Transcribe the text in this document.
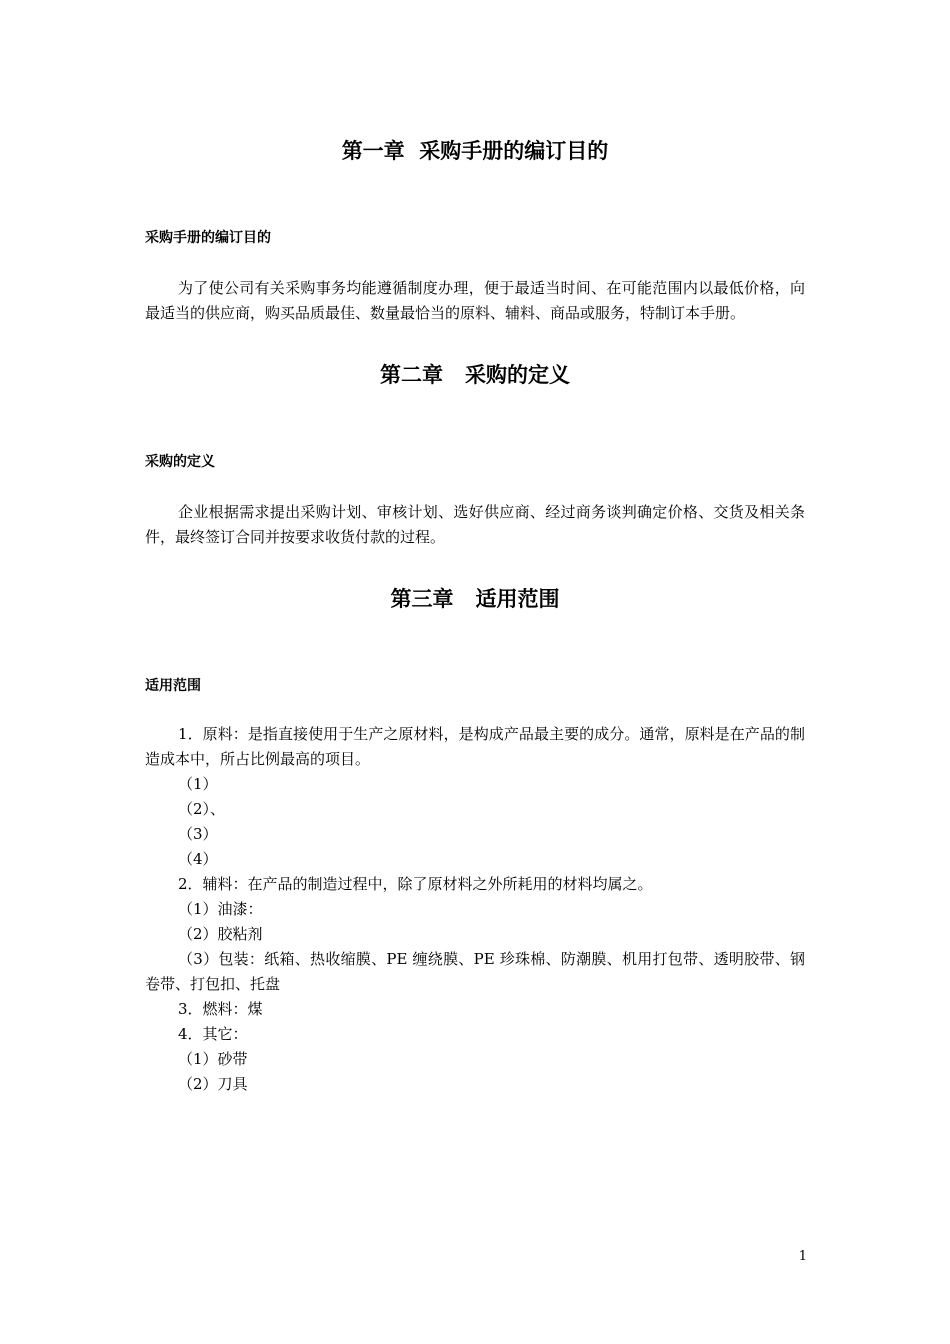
第一章  采购手册的编订目的
采购手册的编订目的

为了使公司有关采购事务均能遵循制度办理，便于最适当时间、在可能范围内以最低价格，向最适当的供应商，购买品质最佳、数量最恰当的原料、辅料、商品或服务，特制订本手册。

第二章   采购的定义
采购的定义

企业根据需求提出采购计划、审核计划、选好供应商、经过商务谈判确定价格、交货及相关条件，最终签订合同并按要求收货付款的过程。

第三章   适用范围
适用范围

1．原料：是指直接使用于生产之原材料，是构成产品最主要的成分。通常，原料是在产品的制造成本中，所占比例最高的项目。

（1）

（2）、

（3）

（4）

2．辅料：在产品的制造过程中，除了原材料之外所耗用的材料均属之。

（1）油漆：

（2）胶粘剂

（3）包装：纸箱、热收缩膜、PE 缠绕膜、PE 珍珠棉、防潮膜、机用打包带、透明胶带、钢卷带、打包扣、托盘

3．燃料：煤

4．其它：

（1）砂带

（2）刀具

1
